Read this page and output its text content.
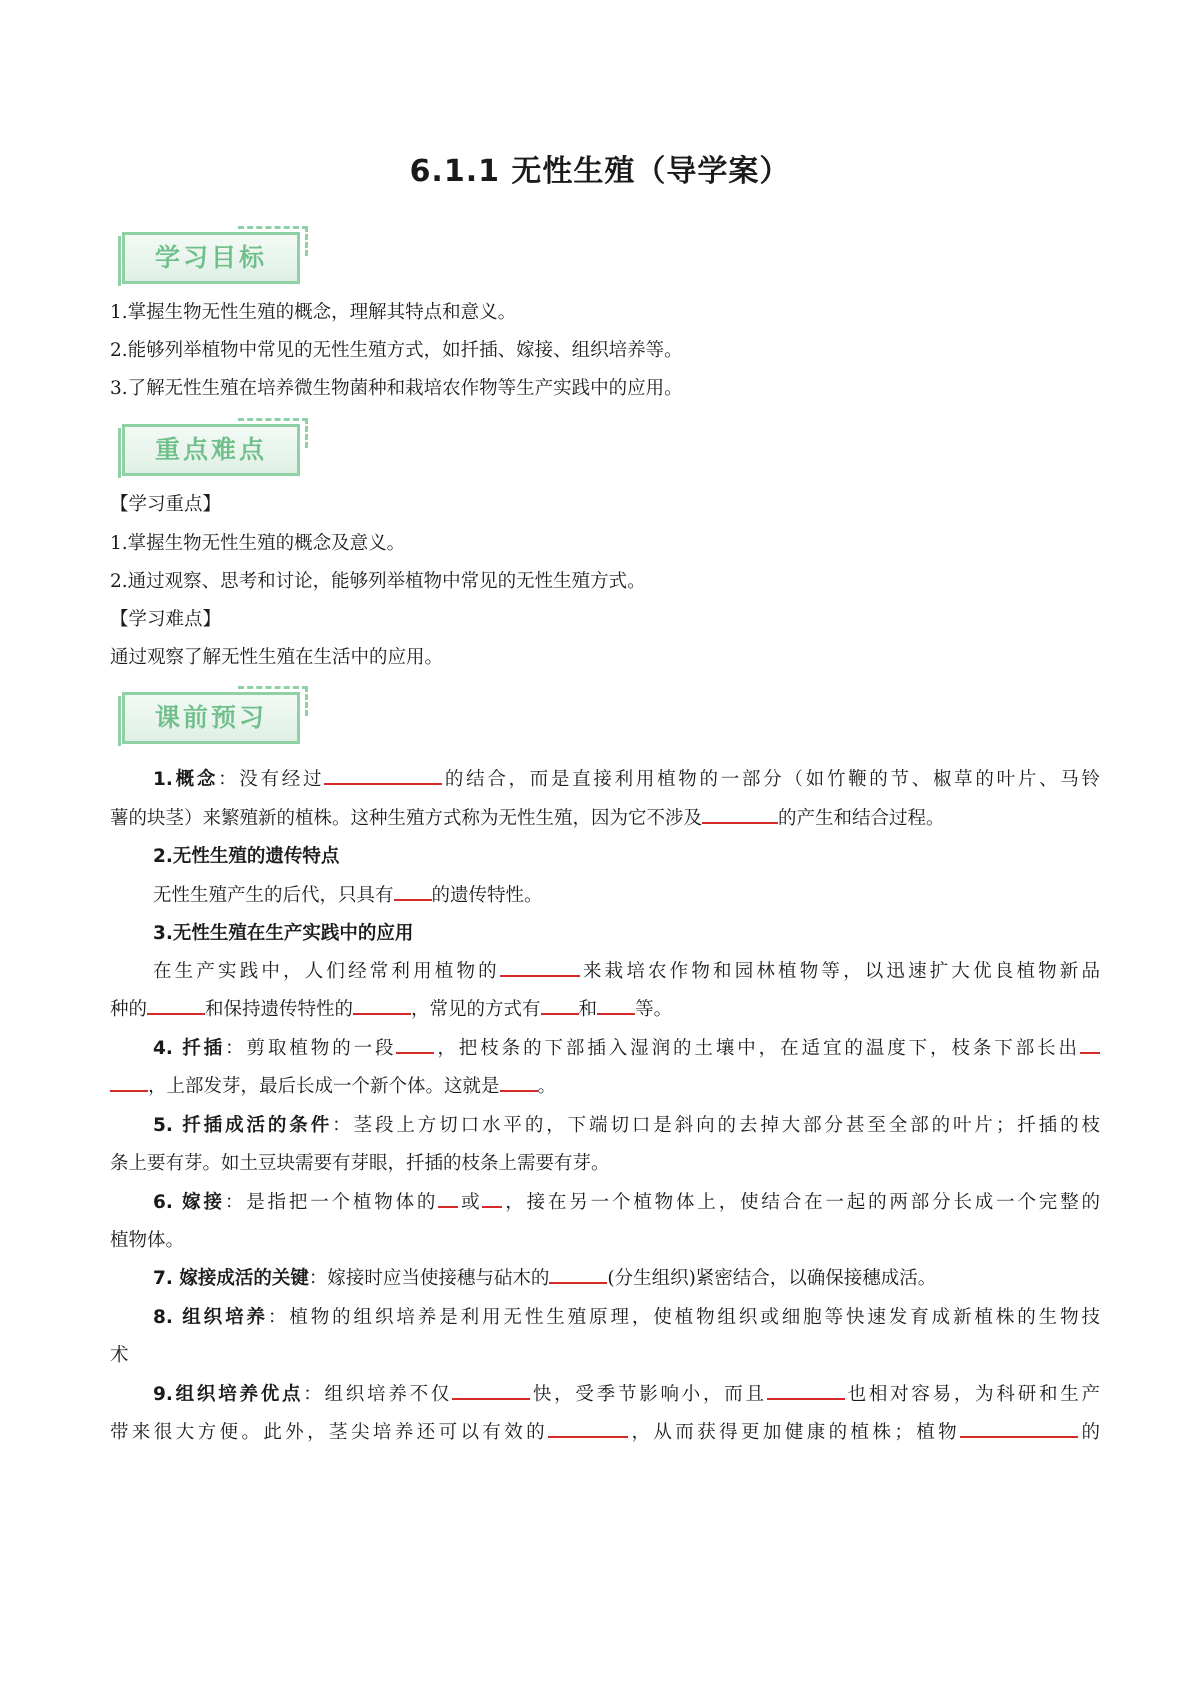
6.1.1 无性生殖（导学案）
学习目标
1.掌握生物无性生殖的概念，理解其特点和意义。
2.能够列举植物中常见的无性生殖方式，如扦插、嫁接、组织培养等。
3.了解无性生殖在培养微生物菌种和栽培农作物等生产实践中的应用。
重点难点
【学习重点】
1.掌握生物无性生殖的概念及意义。
2.通过观察、思考和讨论，能够列举植物中常见的无性生殖方式。
【学习难点】
通过观察了解无性生殖在生活中的应用。
课前预习
1.概念：没有经过	的结合，而是直接利用植物的一部分（如竹鞭的节、椒草的叶片、马铃
薯的块茎）来繁殖新的植株。这种生殖方式称为无性生殖，因为它不涉及	的产生和结合过程。
2.无性生殖的遗传特点
无性生殖产生的后代，只具有 的遗传特性。
3.无性生殖在生产实践中的应用
在生产实践中，人们经常利用植物的	来栽培农作物和园林植物等，以迅速扩大优良植物新品
种的	和保持遗传特性的	，常见的方式有 和 等。
4. 扦插：剪取植物的一段 ，把枝条的下部插入湿润的土壤中，在适宜的温度下，枝条下部长出
，上部发芽，最后长成一个新个体。这就是 。
5. 扦插成活的条件：茎段上方切口水平的，下端切口是斜向的去掉大部分甚至全部的叶片；扦插的枝
条上要有芽。如土豆块需要有芽眼，扦插的枝条上需要有芽。
6. 嫁接：是指把一个植物体的 或 ，接在另一个植物体上，使结合在一起的两部分长成一个完整的
植物体。
7. 嫁接成活的关键：嫁接时应当使接穗与砧木的	(分生组织)紧密结合，以确保接穗成活。
8. 组织培养：植物的组织培养是利用无性生殖原理，使植物组织或细胞等快速发育成新植株的生物技
术
9.组织培养优点：组织培养不仅	快，受季节影响小，而且	也相对容易，为科研和生产
带来很大方便。此外，茎尖培养还可以有效的	，从而获得更加健康的植株；植物	的
